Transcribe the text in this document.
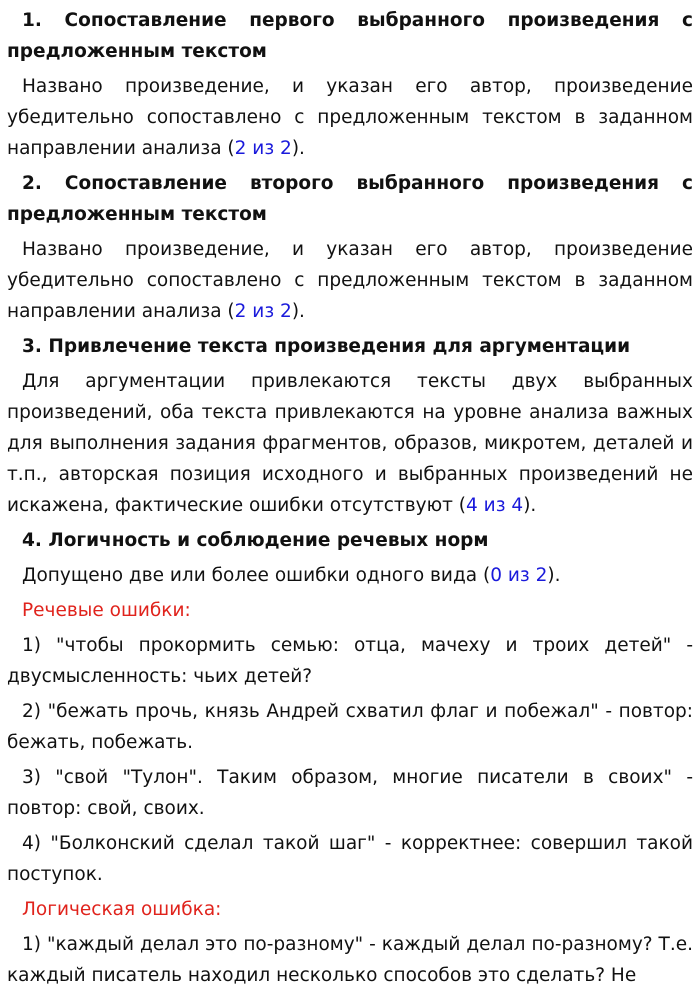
1. Сопоставление первого выбранного произведения с предложенным текстом
Названо произведение, и указан его автор, произведение убедительно сопоставлено с предложенным текстом в заданном направлении анализа (2 из 2).
2. Сопоставление второго выбранного произведения с предложенным текстом
Названо произведение, и указан его автор, произведение убедительно сопоставлено с предложенным текстом в заданном направлении анализа (2 из 2).
3. Привлечение текста произведения для аргументации
Для аргументации привлекаются тексты двух выбранных произведений, оба текста привлекаются на уровне анализа важных для выполнения задания фрагментов, образов, микротем, деталей и т.п., авторская позиция исходного и выбранных произведений не искажена, фактические ошибки отсутствуют (4 из 4).
4. Логичность и соблюдение речевых норм
Допущено две или более ошибки одного вида (0 из 2).
Речевые ошибки:
1) "чтобы прокормить семью: отца, мачеху и троих детей" - двусмысленность: чьих детей?
2) "бежать прочь, князь Андрей схватил флаг и побежал" - повтор: бежать, побежать.
3) "свой "Тулон". Таким образом, многие писатели в своих" - повтор: свой, своих.
4) "Болконский сделал такой шаг" - корректнее: совершил такой поступок.
Логическая ошибка:
1) "каждый делал это по-разному" - каждый делал по-разному? Т.е. каждый писатель находил несколько способов это сделать? Не
